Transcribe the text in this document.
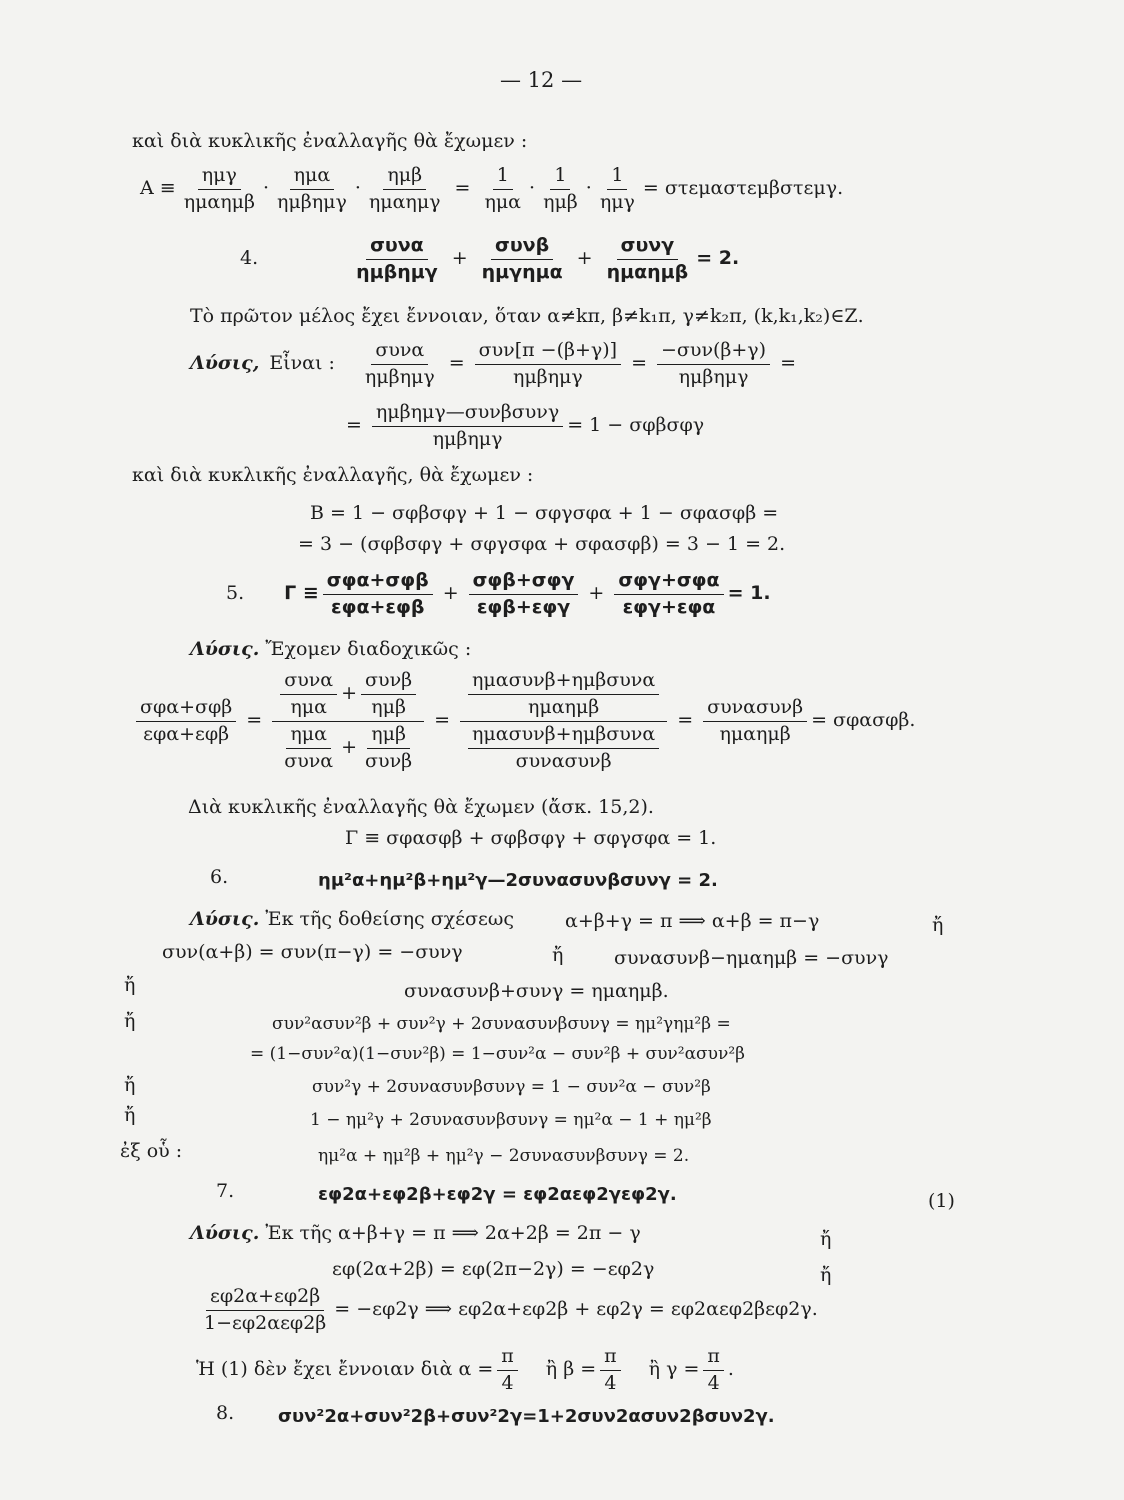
— 12 —
καὶ διὰ κυκλικῆς ἐναλλαγῆς θὰ ἔχωμεν :
Α ≡
ημγ
ημαημβ
·
ημα
ημβημγ
·
ημβ
ημαημγ
=
1
ημα
·
1
ημβ
·
1
ημγ
= στεμαστεμβστεμγ.
4.
συνα
ημβημγ
+
συνβ
ημγημα
+
συνγ
ημαημβ
= 2.
Τὸ πρῶτον μέλος ἔχει ἔννοιαν, ὅταν α≠kπ, β≠k₁π, γ≠k₂π, (k,k₁,k₂)∈Ζ.
Λύσις, Εἶναι :
συνα
ημβημγ
=
συν[π −(β+γ)]
ημβημγ
=
−συν(β+γ)
ημβημγ
=
=
ημβημγ—συνβσυνγ
ημβημγ
= 1 − σφβσφγ
καὶ διὰ κυκλικῆς ἐναλλαγῆς, θὰ ἔχωμεν :
Β = 1 − σφβσφγ + 1 − σφγσφα + 1 − σφασφβ =
= 3 − (σφβσφγ + σφγσφα + σφασφβ) = 3 − 1 = 2.
5. Γ ≡
σφα+σφβ
εφα+εφβ
+
σφβ+σφγ
εφβ+εφγ
+
σφγ+σφα
εφγ+εφα
= 1.
Λύσις. Ἔχομεν διαδοχικῶς :
σφα+σφβ
εφα+εφβ
=
συνα
ημα
+
συνβ
ημβ
ημα
συνα
+
ημβ
συνβ
=
ημασυνβ+ημβσυνα
ημαημβ
ημασυνβ+ημβσυνα
συνασυνβ
=
συνασυνβ
ημαημβ
= σφασφβ.
Διὰ κυκλικῆς ἐναλλαγῆς θὰ ἔχωμεν (ἄσκ. 15,2).
Γ ≡ σφασφβ + σφβσφγ + σφγσφα = 1.
6.	ημ²α+ημ²β+ημ²γ—2συνασυνβσυνγ = 2.
Λύσις. Ἐκ τῆς δοθείσης σχέσεως	α+β+γ = π ⟹ α+β = π−γ	ἤ
συν(α+β) = συν(π−γ) = −συνγ	ἤ	συνασυνβ−ημαημβ = −συνγ
ἤ	συνασυνβ+συνγ = ημαημβ.
ἤ	συν²ασυν²β + συν²γ + 2συνασυνβσυνγ = ημ²γημ²β =
= (1−συν²α)(1−συν²β) = 1−συν²α − συν²β + συν²ασυν²β
ἤ	συν²γ + 2συνασυνβσυνγ = 1 − συν²α − συν²β
ἤ	1 − ημ²γ + 2συνασυνβσυνγ = ημ²α − 1 + ημ²β
ἐξ οὗ :	ημ²α + ημ²β + ημ²γ − 2συνασυνβσυνγ = 2.
7.	εφ2α+εφ2β+εφ2γ = εφ2αεφ2γεφ2γ.	(1)
Λύσις. Ἐκ τῆς α+β+γ = π ⟹ 2α+2β = 2π − γ	ἤ
εφ(2α+2β) = εφ(2π−2γ) = −εφ2γ	ἤ
εφ2α+εφ2β
1−εφ2αεφ2β
= −εφ2γ ⟹ εφ2α+εφ2β + εφ2γ = εφ2αεφ2βεφ2γ.
Ἡ (1) δὲν ἔχει ἔννοιαν διὰ $\alpha = \frac{\pi}{4}$ ἢ $\beta = \frac{\pi}{4}$ ἢ $\gamma = \frac{\pi}{4}$ .
8. συν²2α+συν²2β+συν²2γ=1+2συν2ασυν2βσυν2γ.
